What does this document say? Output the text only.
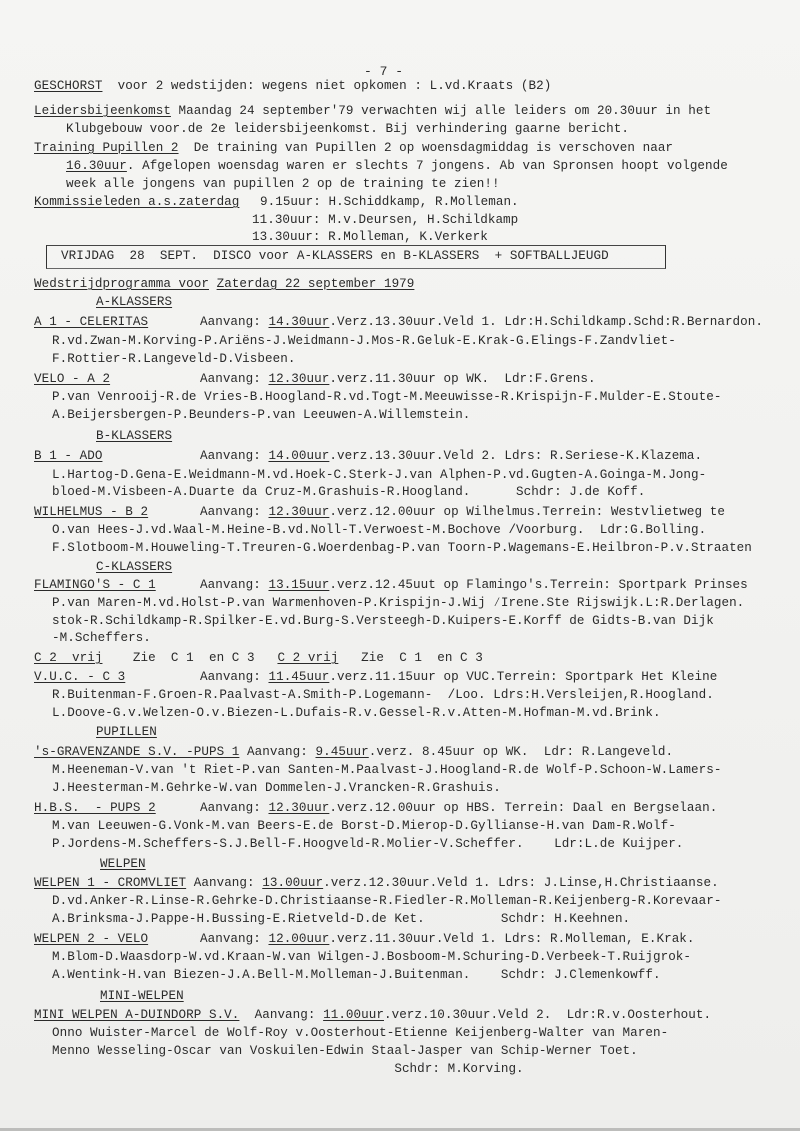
- 7 -
GESCHORST  voor 2 wedstijden: wegens niet opkomen : L.vd.Kraats (B2)
Leidersbijeenkomst Maandag 24 september'79 verwachten wij alle leiders om 20.30uur in het
Klubgebouw voor.de 2e leidersbijeenkomst. Bij verhindering gaarne bericht.
Training Pupillen 2  De training van Pupillen 2 op woensdagmiddag is verschoven naar
16.30uur. Afgelopen woensdag waren er slechts 7 jongens. Ab van Spronsen hoopt volgende
week alle jongens van pupillen 2 op de training te zien!!
Kommissieleden a.s.zaterdag 9.15uur: H.Schiddkamp, R.Molleman.
11.30uur: M.v.Deursen, H.Schildkamp
13.30uur: R.Molleman, K.Verkerk
VRIJDAG  28  SEPT.  DISCO voor A-KLASSERS en B-KLASSERS  + SOFTBALLJEUGD
Wedstrijdprogramma voor Zaterdag 22 september 1979
A-KLASSERS
A 1 - CELERITAS	Aanvang: 14.30uur.Verz.13.30uur.Veld 1. Ldr:H.Schildkamp.Schd:R.Bernardon.
R.vd.Zwan-M.Korving-P.Ariëns-J.Weidmann-J.Mos-R.Geluk-E.Krak-G.Elings-F.Zandvliet-
F.Rottier-R.Langeveld-D.Visbeen.
VELO - A 2	Aanvang: 12.30uur.verz.11.30uur op WK.  Ldr:F.Grens.
P.van Venrooij-R.de Vries-B.Hoogland-R.vd.Togt-M.Meeuwisse-R.Krispijn-F.Mulder-E.Stoute-
A.Beijersbergen-P.Beunders-P.van Leeuwen-A.Willemstein.
B-KLASSERS
B 1 - ADO	Aanvang: 14.00uur.verz.13.30uur.Veld 2. Ldrs: R.Seriese-K.Klazema.
L.Hartog-D.Gena-E.Weidmann-M.vd.Hoek-C.Sterk-J.van Alphen-P.vd.Gugten-A.Goinga-M.Jong-
bloed-M.Visbeen-A.Duarte da Cruz-M.Grashuis-R.Hoogland.      Schdr: J.de Koff.
WILHELMUS - B 2	Aanvang: 12.30uur.verz.12.00uur op Wilhelmus.Terrein: Westvlietweg te
O.van Hees-J.vd.Waal-M.Heine-B.vd.Noll-T.Verwoest-M.Bochove /Voorburg.  Ldr:G.Bolling.
F.Slotboom-M.Houweling-T.Treuren-G.Woerdenbag-P.van Toorn-P.Wagemans-E.Heilbron-P.v.Straaten
C-KLASSERS
FLAMINGO'S - C 1	Aanvang: 13.15uur.verz.12.45uut op Flamingo's.Terrein: Sportpark Prinses
P.van Maren-M.vd.Holst-P.van Warmenhoven-P.Krispijn-J.Wij ⁄Irene.Ste Rijswijk.L:R.Derlagen.
stok-R.Schildkamp-R.Spilker-E.vd.Burg-S.Versteegh-D.Kuipers-E.Korff de Gidts-B.van Dijk
-M.Scheffers.
C 2  vrij    Zie  C 1  en C 3   C 2 vrij   Zie  C 1  en C 3
V.U.C. - C 3	Aanvang: 11.45uur.verz.11.15uur op VUC.Terrein: Sportpark Het Kleine
R.Buitenman-F.Groen-R.Paalvast-A.Smith-P.Logemann-  /Loo. Ldrs:H.Versleijen,R.Hoogland.
L.Doove-G.v.Welzen-O.v.Biezen-L.Dufais-R.v.Gessel-R.v.Atten-M.Hofman-M.vd.Brink.
PUPILLEN
's-GRAVENZANDE S.V. -PUPS 1 Aanvang: 9.45uur.verz. 8.45uur op WK.  Ldr: R.Langeveld.
M.Heeneman-V.van 't Riet-P.van Santen-M.Paalvast-J.Hoogland-R.de Wolf-P.Schoon-W.Lamers-
J.Heesterman-M.Gehrke-W.van Dommelen-J.Vrancken-R.Grashuis.
H.B.S.  - PUPS 2	Aanvang: 12.30uur.verz.12.00uur op HBS. Terrein: Daal en Bergselaan.
M.van Leeuwen-G.Vonk-M.van Beers-E.de Borst-D.Mierop-D.Gyllianse-H.van Dam-R.Wolf-
P.Jordens-M.Scheffers-S.J.Bell-F.Hoogveld-R.Molier-V.Scheffer.    Ldr:L.de Kuijper.
WELPEN
WELPEN 1 - CROMVLIET Aanvang: 13.00uur.verz.12.30uur.Veld 1. Ldrs: J.Linse,H.Christiaanse.
D.vd.Anker-R.Linse-R.Gehrke-D.Christiaanse-R.Fiedler-R.Molleman-R.Keijenberg-R.Korevaar-
A.Brinksma-J.Pappe-H.Bussing-E.Rietveld-D.de Ket.          Schdr: H.Keehnen.
WELPEN 2 - VELO	Aanvang: 12.00uur.verz.11.30uur.Veld 1. Ldrs: R.Molleman, E.Krak.
M.Blom-D.Waasdorp-W.vd.Kraan-W.van Wilgen-J.Bosboom-M.Schuring-D.Verbeek-T.Ruijgrok-
A.Wentink-H.van Biezen-J.A.Bell-M.Molleman-J.Buitenman.    Schdr: J.Clemenkowff.
MINI-WELPEN
MINI WELPEN A-DUINDORP S.V. Aanvang: 11.00uur.verz.10.30uur.Veld 2.  Ldr:R.v.Oosterhout.
Onno Wuister-Marcel de Wolf-Roy v.Oosterhout-Etienne Keijenberg-Walter van Maren-
Menno Wesseling-Oscar van Voskuilen-Edwin Staal-Jasper van Schip-Werner Toet.
Schdr: M.Korving.
